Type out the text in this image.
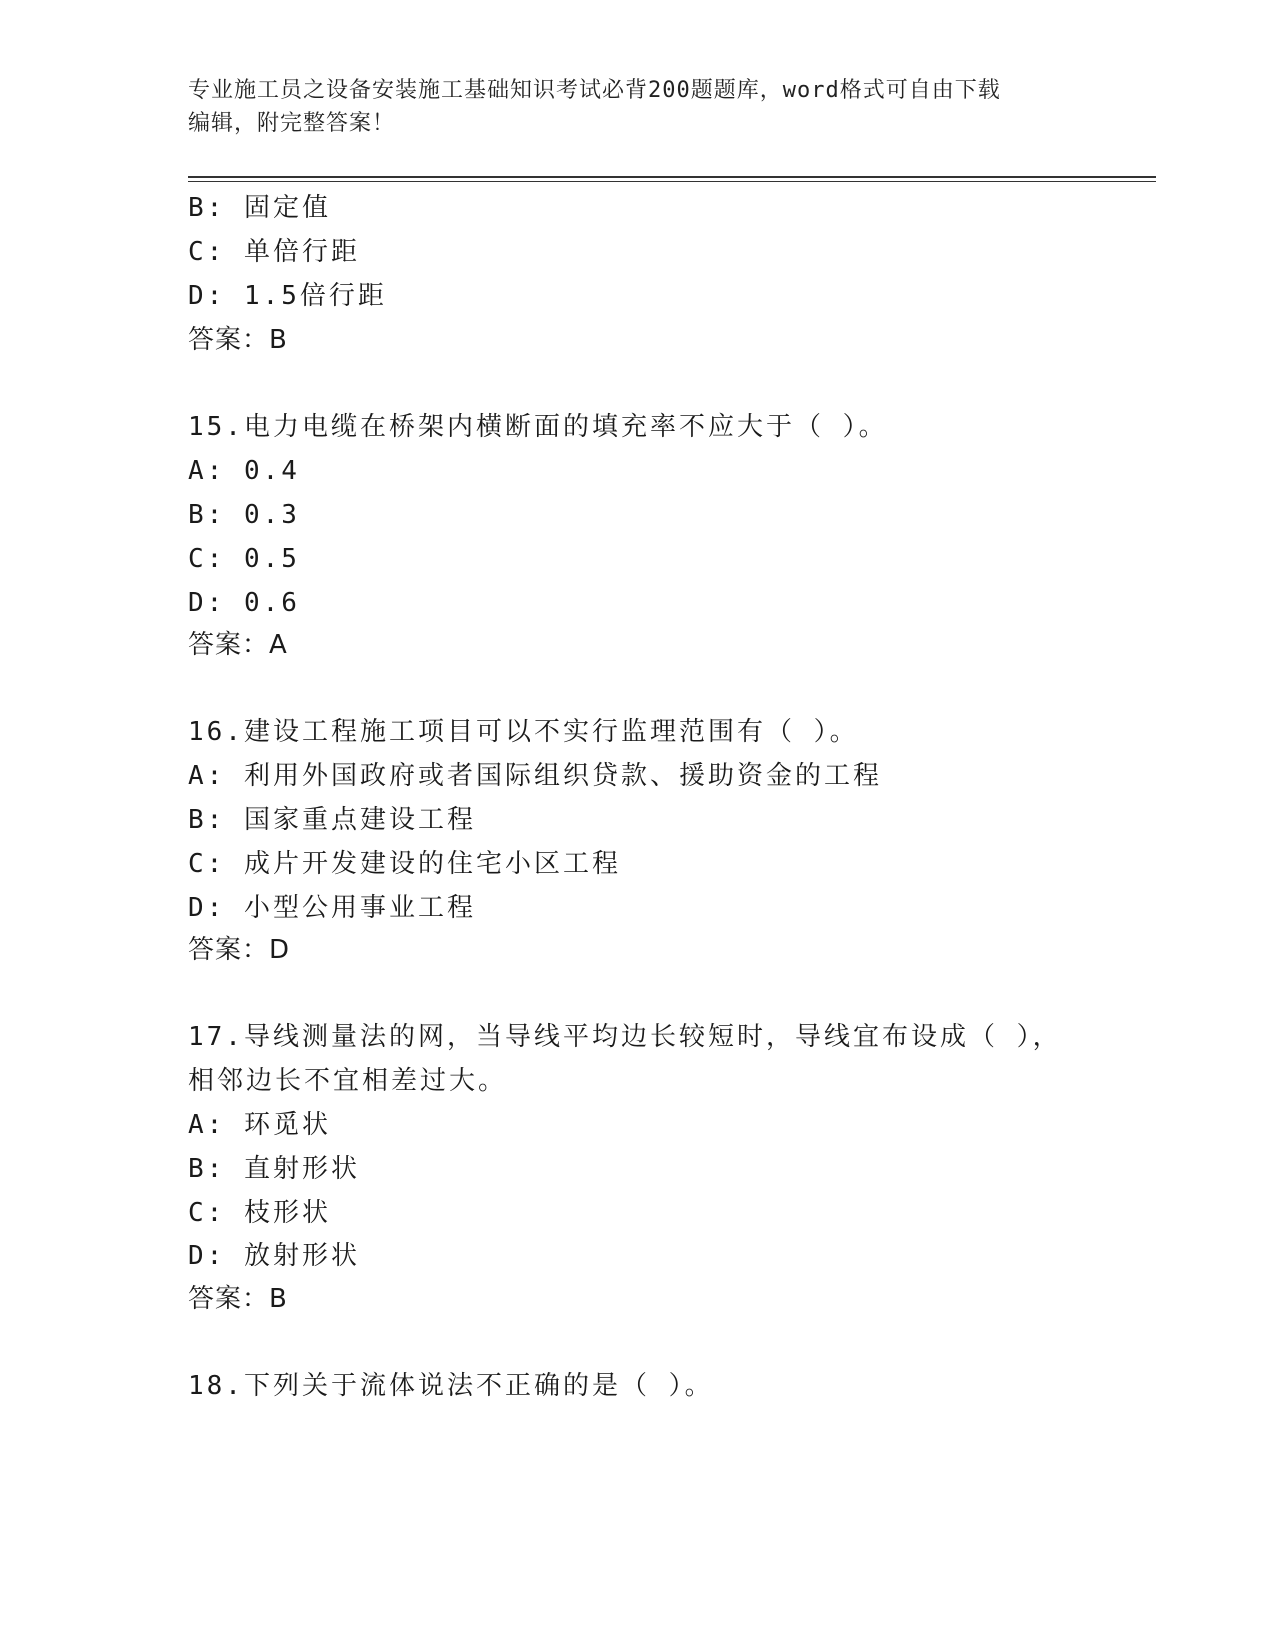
专业施工员之设备安装施工基础知识考试必背200题题库，word格式可自由下载
编辑，附完整答案！
B: 固定值
C: 单倍行距
D: 1.5倍行距
答案：B
15.电力电缆在桥架内横断面的填充率不应大于（ ）。
A: 0.4
B: 0.3
C: 0.5
D: 0.6
答案：A
16.建设工程施工项目可以不实行监理范围有（ ）。
A: 利用外国政府或者国际组织贷款、援助资金的工程
B: 国家重点建设工程
C: 成片开发建设的住宅小区工程
D: 小型公用事业工程
答案：D
17.导线测量法的网，当导线平均边长较短时，导线宜布设成（ ），
相邻边长不宜相差过大。
A: 环觅状
B: 直射形状
C: 枝形状
D: 放射形状
答案：B
18.下列关于流体说法不正确的是（ ）。
